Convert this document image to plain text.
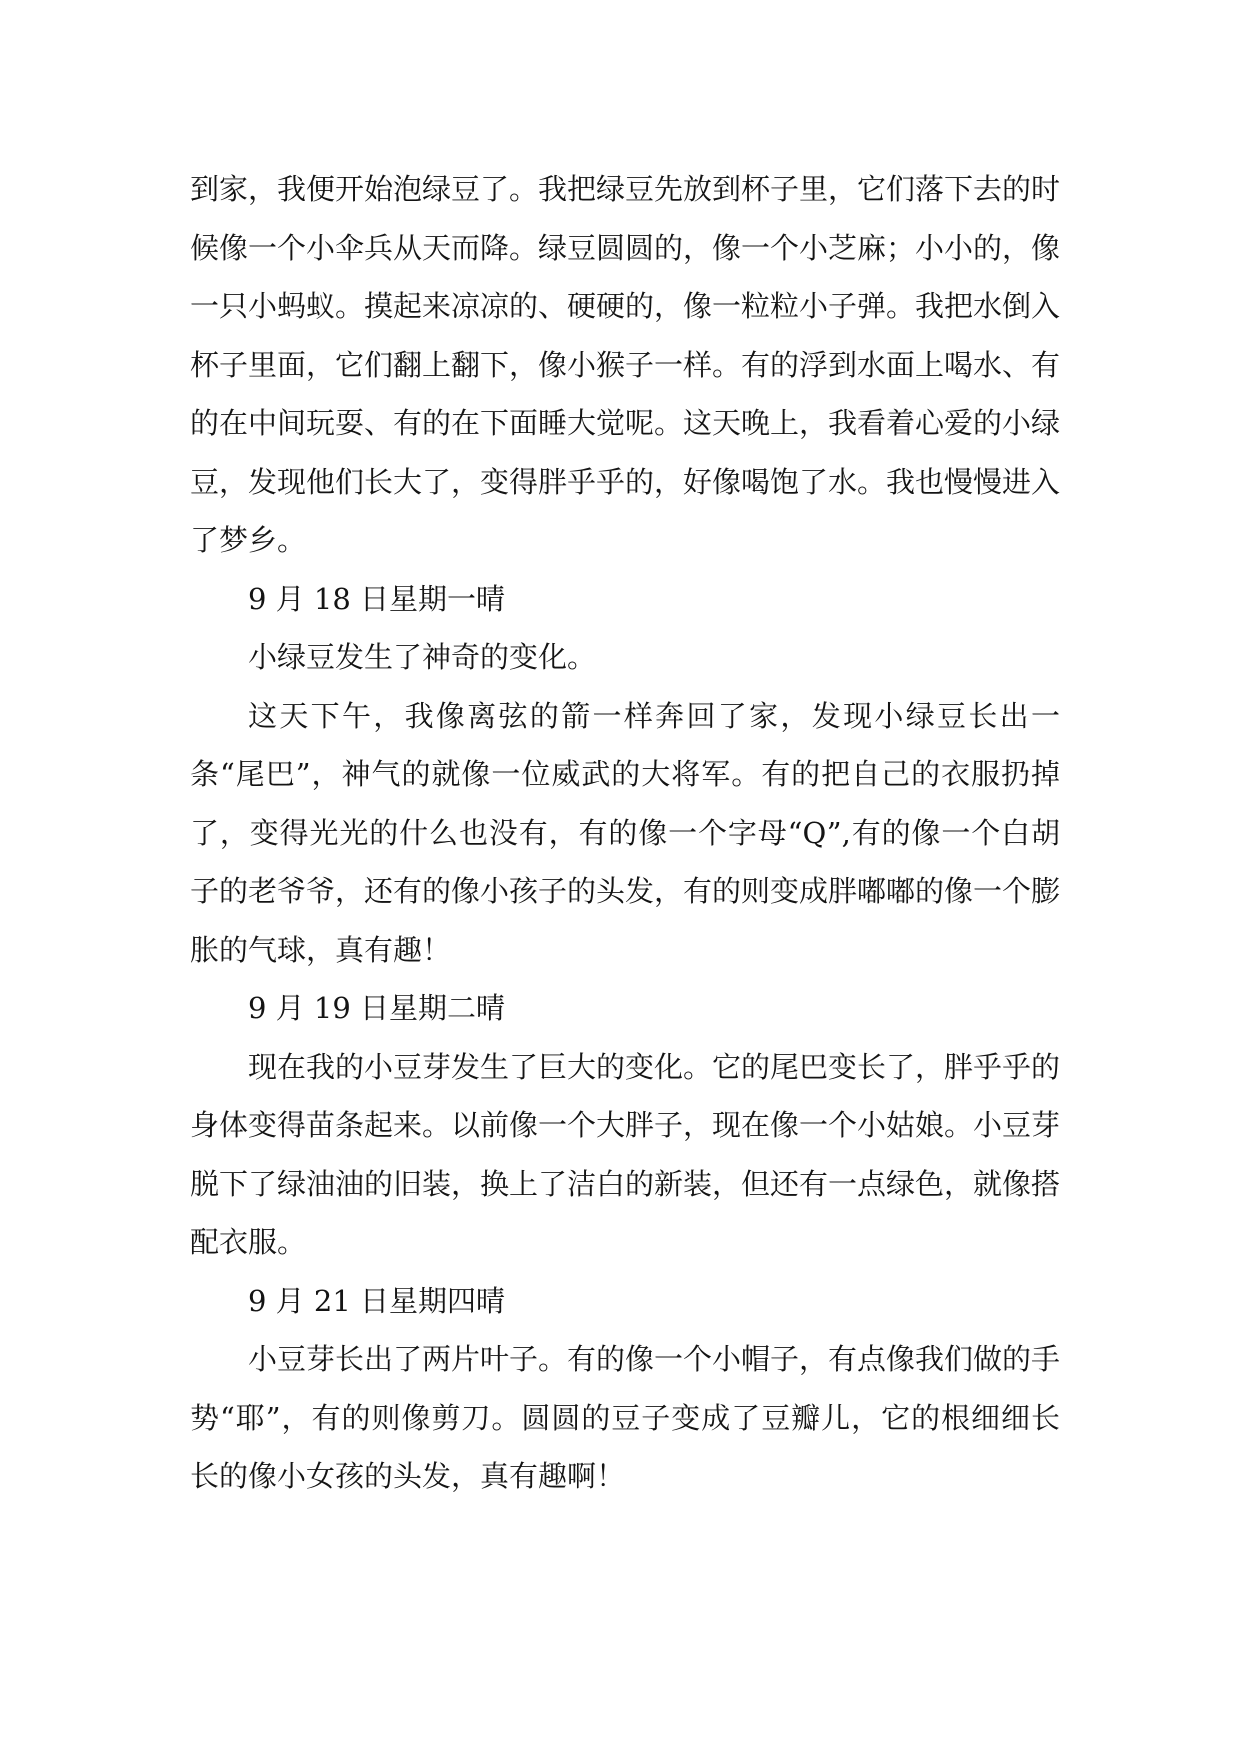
到家，我便开始泡绿豆了。我把绿豆先放到杯子里，它们落下去的时候像一个小伞兵从天而降。绿豆圆圆的，像一个小芝麻；小小的，像一只小蚂蚁。摸起来凉凉的、硬硬的，像一粒粒小子弹。我把水倒入杯子里面，它们翻上翻下，像小猴子一样。有的浮到水面上喝水、有的在中间玩耍、有的在下面睡大觉呢。这天晚上，我看着心爱的小绿豆，发现他们长大了，变得胖乎乎的，好像喝饱了水。我也慢慢进入了梦乡。

9 月 18 日星期一晴

小绿豆发生了神奇的变化。

这天下午，我像离弦的箭一样奔回了家，发现小绿豆长出一条“尾巴”，神气的就像一位威武的大将军。有的把自己的衣服扔掉了，变得光光的什么也没有，有的像一个字母“Q”,有的像一个白胡子的老爷爷，还有的像小孩子的头发，有的则变成胖嘟嘟的像一个膨胀的气球，真有趣！

9 月 19 日星期二晴

现在我的小豆芽发生了巨大的变化。它的尾巴变长了，胖乎乎的身体变得苗条起来。以前像一个大胖子，现在像一个小姑娘。小豆芽脱下了绿油油的旧装，换上了洁白的新装，但还有一点绿色，就像搭配衣服。

9 月 21 日星期四晴

小豆芽长出了两片叶子。有的像一个小帽子，有点像我们做的手势“耶”，有的则像剪刀。圆圆的豆子变成了豆瓣儿，它的根细细长长的像小女孩的头发，真有趣啊！
